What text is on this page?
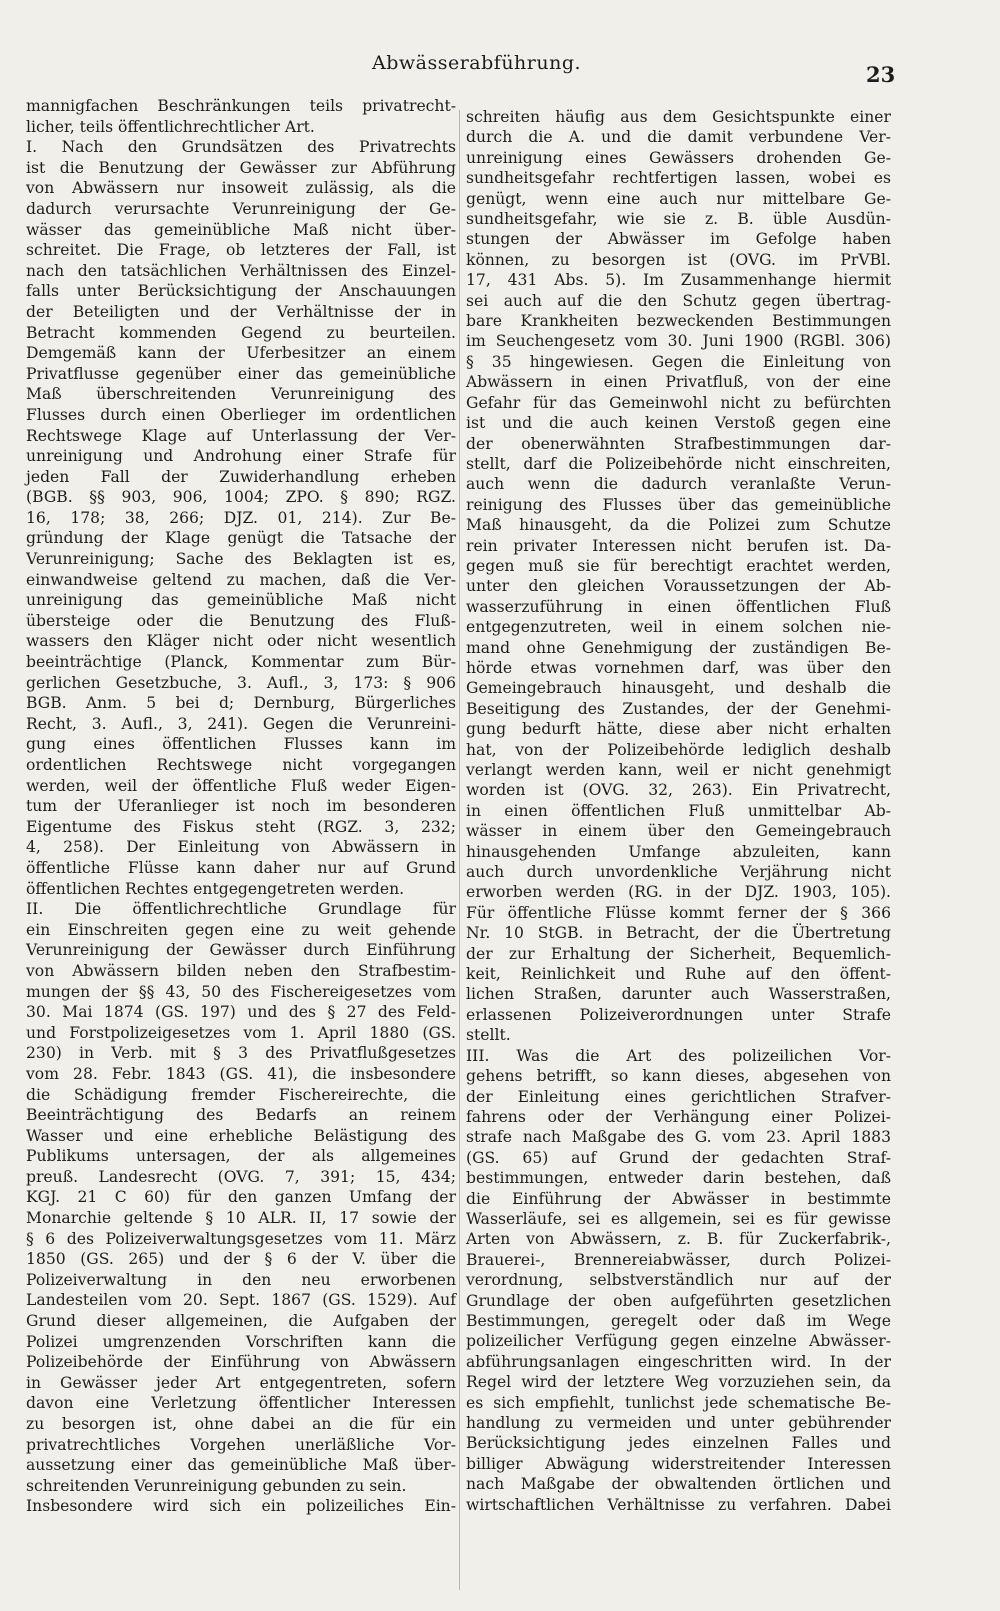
Abwässerabführung.	23
mannigfachen Beschränkungen teils privatrecht-
licher, teils öffentlichrechtlicher Art.
I. Nach den Grundsätzen des Privatrechts
ist die Benutzung der Gewässer zur Abführung
von Abwässern nur insoweit zulässig, als die
dadurch verursachte Verunreinigung der Ge-
wässer das gemeinübliche Maß nicht über-
schreitet. Die Frage, ob letzteres der Fall, ist
nach den tatsächlichen Verhältnissen des Einzel-
falls unter Berücksichtigung der Anschauungen
der Beteiligten und der Verhältnisse der in
Betracht kommenden Gegend zu beurteilen.
Demgemäß kann der Uferbesitzer an einem
Privatflusse gegenüber einer das gemeinübliche
Maß überschreitenden Verunreinigung des
Flusses durch einen Oberlieger im ordentlichen
Rechtswege Klage auf Unterlassung der Ver-
unreinigung und Androhung einer Strafe für
jeden Fall der Zuwiderhandlung erheben
(BGB. §§ 903, 906, 1004; ZPO. § 890; RGZ.
16, 178; 38, 266; DJZ. 01, 214). Zur Be-
gründung der Klage genügt die Tatsache der
Verunreinigung; Sache des Beklagten ist es,
einwandweise geltend zu machen, daß die Ver-
unreinigung das gemeinübliche Maß nicht
übersteige oder die Benutzung des Fluß-
wassers den Kläger nicht oder nicht wesentlich
beeinträchtige (Planck, Kommentar zum Bür-
gerlichen Gesetzbuche, 3. Aufl., 3, 173: § 906
BGB. Anm. 5 bei d; Dernburg, Bürgerliches
Recht, 3. Aufl., 3, 241). Gegen die Verunreini-
gung eines öffentlichen Flusses kann im
ordentlichen Rechtswege nicht vorgegangen
werden, weil der öffentliche Fluß weder Eigen-
tum der Uferanlieger ist noch im besonderen
Eigentume des Fiskus steht (RGZ. 3, 232;
4, 258). Der Einleitung von Abwässern in
öffentliche Flüsse kann daher nur auf Grund
öffentlichen Rechtes entgegengetreten werden.
II. Die öffentlichrechtliche Grundlage für
ein Einschreiten gegen eine zu weit gehende
Verunreinigung der Gewässer durch Einführung
von Abwässern bilden neben den Strafbestim-
mungen der §§ 43, 50 des Fischereigesetzes vom
30. Mai 1874 (GS. 197) und des § 27 des Feld-
und Forstpolizeigesetzes vom 1. April 1880 (GS.
230) in Verb. mit § 3 des Privatflußgesetzes
vom 28. Febr. 1843 (GS. 41), die insbesondere
die Schädigung fremder Fischereirechte, die
Beeinträchtigung des Bedarfs an reinem
Wasser und eine erhebliche Belästigung des
Publikums untersagen, der als allgemeines
preuß. Landesrecht (OVG. 7, 391; 15, 434;
KGJ. 21 C 60) für den ganzen Umfang der
Monarchie geltende § 10 ALR. II, 17 sowie der
§ 6 des Polizeiverwaltungsgesetzes vom 11. März
1850 (GS. 265) und der § 6 der V. über die
Polizeiverwaltung in den neu erworbenen
Landesteilen vom 20. Sept. 1867 (GS. 1529). Auf
Grund dieser allgemeinen, die Aufgaben der
Polizei umgrenzenden Vorschriften kann die
Polizeibehörde der Einführung von Abwässern
in Gewässer jeder Art entgegentreten, sofern
davon eine Verletzung öffentlicher Interessen
zu besorgen ist, ohne dabei an die für ein
privatrechtliches Vorgehen unerläßliche Vor-
aussetzung einer das gemeinübliche Maß über-
schreitenden Verunreinigung gebunden zu sein.
Insbesondere wird sich ein polizeiliches Ein-
schreiten häufig aus dem Gesichtspunkte einer
durch die A. und die damit verbundene Ver-
unreinigung eines Gewässers drohenden Ge-
sundheitsgefahr rechtfertigen lassen, wobei es
genügt, wenn eine auch nur mittelbare Ge-
sundheitsgefahr, wie sie z. B. üble Ausdün-
stungen der Abwässer im Gefolge haben
können, zu besorgen ist (OVG. im PrVBl.
17, 431 Abs. 5). Im Zusammenhange hiermit
sei auch auf die den Schutz gegen übertrag-
bare Krankheiten bezweckenden Bestimmungen
im Seuchengesetz vom 30. Juni 1900 (RGBl. 306)
§ 35 hingewiesen. Gegen die Einleitung von
Abwässern in einen Privatfluß, von der eine
Gefahr für das Gemeinwohl nicht zu befürchten
ist und die auch keinen Verstoß gegen eine
der obenerwähnten Strafbestimmungen dar-
stellt, darf die Polizeibehörde nicht einschreiten,
auch wenn die dadurch veranlaßte Verun-
reinigung des Flusses über das gemeinübliche
Maß hinausgeht, da die Polizei zum Schutze
rein privater Interessen nicht berufen ist. Da-
gegen muß sie für berechtigt erachtet werden,
unter den gleichen Voraussetzungen der Ab-
wasserzuführung in einen öffentlichen Fluß
entgegenzutreten, weil in einem solchen nie-
mand ohne Genehmigung der zuständigen Be-
hörde etwas vornehmen darf, was über den
Gemeingebrauch hinausgeht, und deshalb die
Beseitigung des Zustandes, der der Genehmi-
gung bedurft hätte, diese aber nicht erhalten
hat, von der Polizeibehörde lediglich deshalb
verlangt werden kann, weil er nicht genehmigt
worden ist (OVG. 32, 263). Ein Privatrecht,
in einen öffentlichen Fluß unmittelbar Ab-
wässer in einem über den Gemeingebrauch
hinausgehenden Umfange abzuleiten, kann
auch durch unvordenkliche Verjährung nicht
erworben werden (RG. in der DJZ. 1903, 105).
Für öffentliche Flüsse kommt ferner der § 366
Nr. 10 StGB. in Betracht, der die Übertretung
der zur Erhaltung der Sicherheit, Bequemlich-
keit, Reinlichkeit und Ruhe auf den öffent-
lichen Straßen, darunter auch Wasserstraßen,
erlassenen Polizeiverordnungen unter Strafe
stellt.
III. Was die Art des polizeilichen Vor-
gehens betrifft, so kann dieses, abgesehen von
der Einleitung eines gerichtlichen Strafver-
fahrens oder der Verhängung einer Polizei-
strafe nach Maßgabe des G. vom 23. April 1883
(GS. 65) auf Grund der gedachten Straf-
bestimmungen, entweder darin bestehen, daß
die Einführung der Abwässer in bestimmte
Wasserläufe, sei es allgemein, sei es für gewisse
Arten von Abwässern, z. B. für Zuckerfabrik-,
Brauerei-, Brennereiabwässer, durch Polizei-
verordnung, selbstverständlich nur auf der
Grundlage der oben aufgeführten gesetzlichen
Bestimmungen, geregelt oder daß im Wege
polizeilicher Verfügung gegen einzelne Abwässer-
abführungsanlagen eingeschritten wird. In der
Regel wird der letztere Weg vorzuziehen sein, da
es sich empfiehlt, tunlichst jede schematische Be-
handlung zu vermeiden und unter gebührender
Berücksichtigung jedes einzelnen Falles und
billiger Abwägung widerstreitender Interessen
nach Maßgabe der obwaltenden örtlichen und
wirtschaftlichen Verhältnisse zu verfahren. Dabei
